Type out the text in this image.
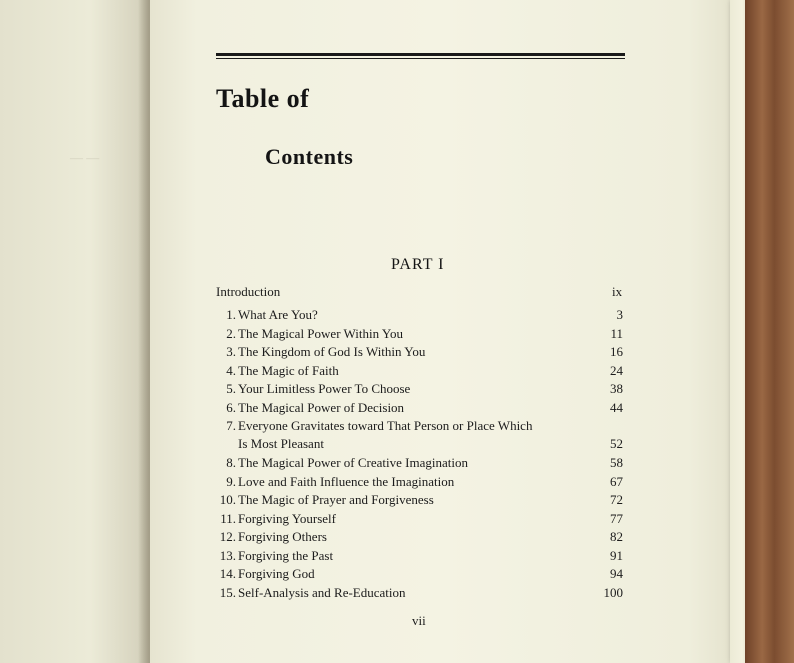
— —
Table of
Contents
PART I
Introduction	ix
1. What Are You?	3
2. The Magical Power Within You	11
3. The Kingdom of God Is Within You	16
4. The Magic of Faith	24
5. Your Limitless Power To Choose	38
6. The Magical Power of Decision	44
7. Everyone Gravitates toward That Person or Place Which
Is Most Pleasant	52
8. The Magical Power of Creative Imagination	58
9. Love and Faith Influence the Imagination	67
10. The Magic of Prayer and Forgiveness	72
11. Forgiving Yourself	77
12. Forgiving Others	82
13. Forgiving the Past	91
14. Forgiving God	94
15. Self-Analysis and Re-Education	100
vii
